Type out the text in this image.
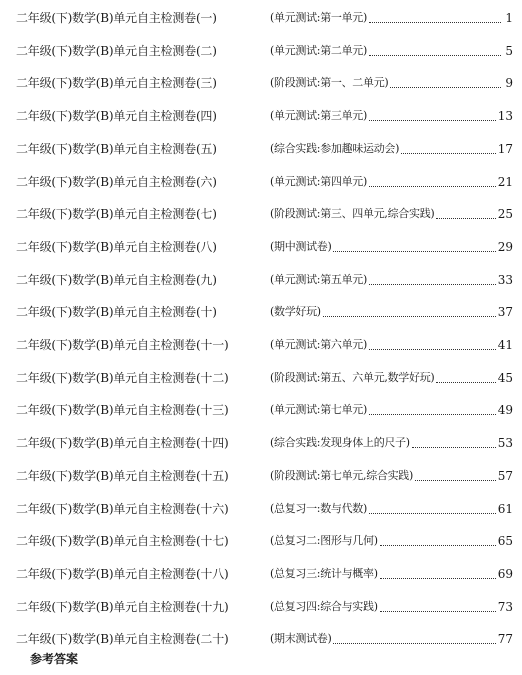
二年级(下)数学(B)单元自主检测卷(一)	(单元测试:第一单元)	1
二年级(下)数学(B)单元自主检测卷(二)	(单元测试:第二单元)	5
二年级(下)数学(B)单元自主检测卷(三)	(阶段测试:第一、二单元)	9
二年级(下)数学(B)单元自主检测卷(四)	(单元测试:第三单元)	13
二年级(下)数学(B)单元自主检测卷(五)	(综合实践:参加趣味运动会)	17
二年级(下)数学(B)单元自主检测卷(六)	(单元测试:第四单元)	21
二年级(下)数学(B)单元自主检测卷(七)	(阶段测试:第三、四单元,综合实践)	25
二年级(下)数学(B)单元自主检测卷(八)	(期中测试卷)	29
二年级(下)数学(B)单元自主检测卷(九)	(单元测试:第五单元)	33
二年级(下)数学(B)单元自主检测卷(十)	(数学好玩)	37
二年级(下)数学(B)单元自主检测卷(十一)	(单元测试:第六单元)	41
二年级(下)数学(B)单元自主检测卷(十二)	(阶段测试:第五、六单元,数学好玩)	45
二年级(下)数学(B)单元自主检测卷(十三)	(单元测试:第七单元)	49
二年级(下)数学(B)单元自主检测卷(十四)	(综合实践:发现身体上的尺子)	53
二年级(下)数学(B)单元自主检测卷(十五)	(阶段测试:第七单元,综合实践)	57
二年级(下)数学(B)单元自主检测卷(十六)	(总复习一:数与代数)	61
二年级(下)数学(B)单元自主检测卷(十七)	(总复习二:图形与几何)	65
二年级(下)数学(B)单元自主检测卷(十八)	(总复习三:统计与概率)	69
二年级(下)数学(B)单元自主检测卷(十九)	(总复习四:综合与实践)	73
二年级(下)数学(B)单元自主检测卷(二十)	(期末测试卷)	77
参考答案
